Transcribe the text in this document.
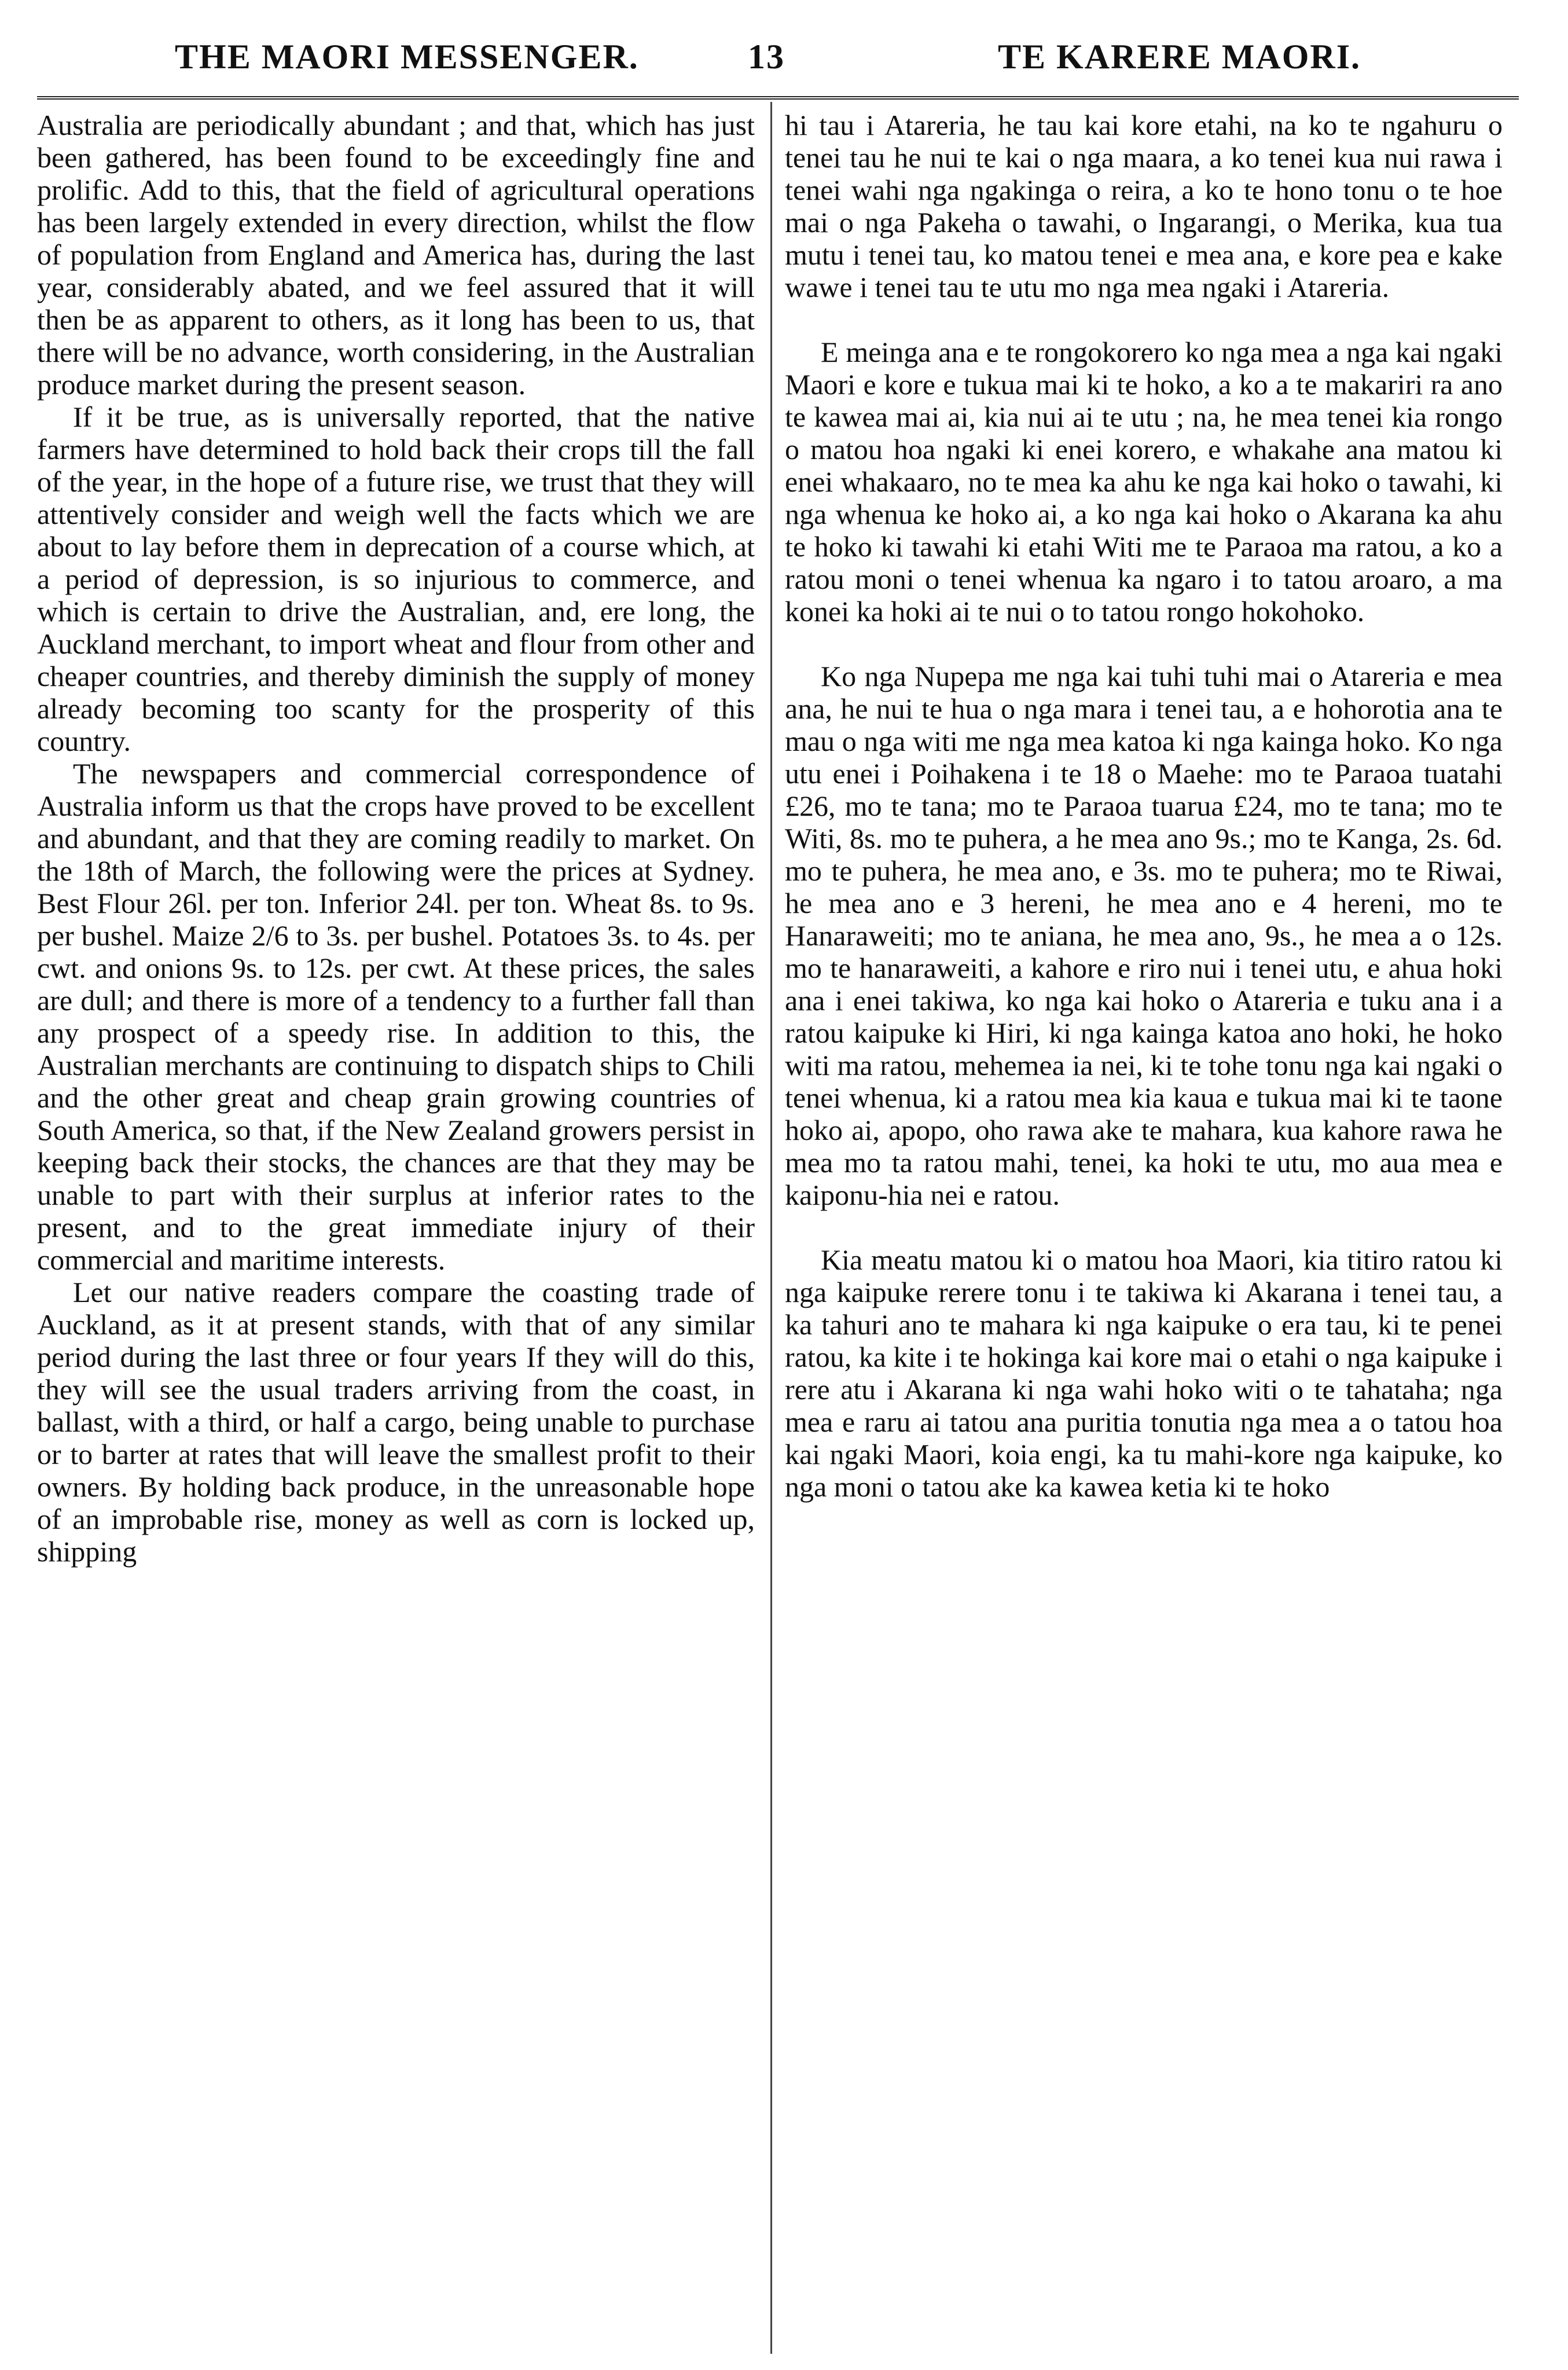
THE MAORI MESSENGER.	13	TE KARERE MAORI.

Australia are periodically abundant ; and that, which has just been gathered, has been found to be exceedingly fine and prolific. Add to this, that the field of agricultural operations has been largely extended in every direction, whilst the flow of population from England and America has, during the last year, considerably abated, and we feel assured that it will then be as apparent to others, as it long has been to us, that there will be no advance, worth considering, in the Australian produce market during the present season.

If it be true, as is universally reported, that the native farmers have determined to hold back their crops till the fall of the year, in the hope of a future rise, we trust that they will attentively consider and weigh well the facts which we are about to lay before them in deprecation of a course which, at a period of depression, is so injurious to commerce, and which is certain to drive the Australian, and, ere long, the Auckland merchant, to import wheat and flour from other and cheaper countries, and thereby diminish the supply of money already becoming too scanty for the prosperity of this country.

The newspapers and commercial correspondence of Australia inform us that the crops have proved to be excellent and abundant, and that they are coming readily to market. On the 18th of March, the following were the prices at Sydney. Best Flour 26l. per ton. Inferior 24l. per ton. Wheat 8s. to 9s. per bushel. Maize 2/6 to 3s. per bushel. Potatoes 3s. to 4s. per cwt. and onions 9s. to 12s. per cwt. At these prices, the sales are dull; and there is more of a tendency to a further fall than any prospect of a speedy rise. In addition to this, the Australian merchants are continuing to dispatch ships to Chili and the other great and cheap grain growing countries of South America, so that, if the New Zealand growers persist in keeping back their stocks, the chances are that they may be unable to part with their surplus at inferior rates to the present, and to the great immediate injury of their commercial and maritime interests.

Let our native readers compare the coasting trade of Auckland, as it at present stands, with that of any similar period during the last three or four years If they will do this, they will see the usual traders arriving from the coast, in ballast, with a third, or half a cargo, being unable to purchase or to barter at rates that will leave the smallest profit to their owners. By holding back produce, in the unreasonable hope of an improbable rise, money as well as corn is locked up, shipping

hi tau i Atareria, he tau kai kore etahi, na ko te ngahuru o tenei tau he nui te kai o nga maara, a ko tenei kua nui rawa i tenei wahi nga ngakinga o reira, a ko te hono tonu o te hoe mai o nga Pakeha o tawahi, o Ingarangi, o Merika, kua tua mutu i tenei tau, ko matou tenei e mea ana, e kore pea e kake wawe i tenei tau te utu mo nga mea ngaki i Atareria.

E meinga ana e te rongokorero ko nga mea a nga kai ngaki Maori e kore e tukua mai ki te hoko, a ko a te makariri ra ano te kawea mai ai, kia nui ai te utu ; na, he mea tenei kia rongo o matou hoa ngaki ki enei korero, e whakahe ana matou ki enei whakaaro, no te mea ka ahu ke nga kai hoko o tawahi, ki nga whenua ke hoko ai, a ko nga kai hoko o Akarana ka ahu te hoko ki tawahi ki etahi Witi me te Paraoa ma ratou, a ko a ratou moni o tenei whenua ka ngaro i to tatou aroaro, a ma konei ka hoki ai te nui o to tatou rongo hokohoko.

Ko nga Nupepa me nga kai tuhi tuhi mai o Atareria e mea ana, he nui te hua o nga mara i tenei tau, a e hohorotia ana te mau o nga witi me nga mea katoa ki nga kainga hoko. Ko nga utu enei i Poihakena i te 18 o Maehe: mo te Paraoa tuatahi £26, mo te tana; mo te Paraoa tuarua £24, mo te tana; mo te Witi, 8s. mo te puhera, a he mea ano 9s.; mo te Kanga, 2s. 6d. mo te puhera, he mea ano, e 3s. mo te puhera; mo te Riwai, he mea ano e 3 hereni, he mea ano e 4 hereni, mo te Hanaraweiti; mo te aniana, he mea ano, 9s., he mea a o 12s. mo te hanaraweiti, a kahore e riro nui i tenei utu, e ahua hoki ana i enei takiwa, ko nga kai hoko o Atareria e tuku ana i a ratou kaipuke ki Hiri, ki nga kainga katoa ano hoki, he hoko witi ma ratou, mehemea ia nei, ki te tohe tonu nga kai ngaki o tenei whenua, ki a ratou mea kia kaua e tukua mai ki te taone hoko ai, apopo, oho rawa ake te mahara, kua kahore rawa he mea mo ta ratou mahi, tenei, ka hoki te utu, mo aua mea e kaiponu-hia nei e ratou.

Kia meatu matou ki o matou hoa Maori, kia titiro ratou ki nga kaipuke rerere tonu i te takiwa ki Akarana i tenei tau, a ka tahuri ano te mahara ki nga kaipuke o era tau, ki te penei ratou, ka kite i te hokinga kai kore mai o etahi o nga kaipuke i rere atu i Akarana ki nga wahi hoko witi o te tahataha; nga mea e raru ai tatou ana puritia tonutia nga mea a o tatou hoa kai ngaki Maori, koia engi, ka tu mahi-kore nga kaipuke, ko nga moni o tatou ake ka kawea ketia ki te hoko
